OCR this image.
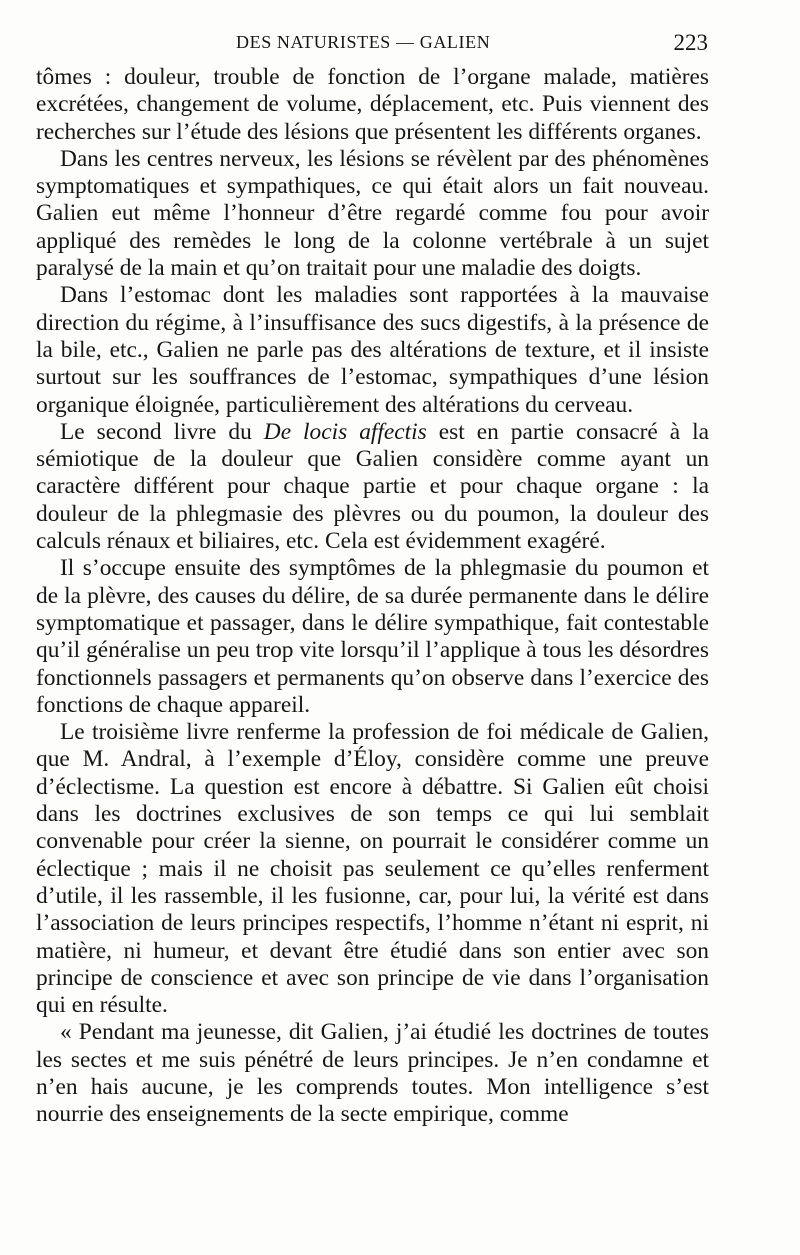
DES NATURISTES — GALIEN	223

tômes : douleur, trouble de fonction de l’organe malade, matières excrétées, changement de volume, déplacement, etc. Puis viennent des recherches sur l’étude des lésions que présentent les différents organes.

Dans les centres nerveux, les lésions se révèlent par des phénomènes symptomatiques et sympathiques, ce qui était alors un fait nouveau. Galien eut même l’honneur d’être regardé comme fou pour avoir appliqué des remèdes le long de la colonne vertébrale à un sujet paralysé de la main et qu’on traitait pour une maladie des doigts.

Dans l’estomac dont les maladies sont rapportées à la mauvaise direction du régime, à l’insuffisance des sucs digestifs, à la présence de la bile, etc., Galien ne parle pas des altérations de texture, et il insiste surtout sur les souffrances de l’estomac, sympathiques d’une lésion organique éloignée, particulièrement des altérations du cerveau.

Le second livre du De locis affectis est en partie consacré à la sémiotique de la douleur que Galien considère comme ayant un caractère différent pour chaque partie et pour chaque organe : la douleur de la phlegmasie des plèvres ou du poumon, la douleur des calculs rénaux et biliaires, etc. Cela est évidemment exagéré.

Il s’occupe ensuite des symptômes de la phlegmasie du poumon et de la plèvre, des causes du délire, de sa durée permanente dans le délire symptomatique et passager, dans le délire sympathique, fait contestable qu’il généralise un peu trop vite lorsqu’il l’applique à tous les désordres fonctionnels passagers et permanents qu’on observe dans l’exercice des fonctions de chaque appareil.

Le troisième livre renferme la profession de foi médicale de Galien, que M. Andral, à l’exemple d’Éloy, considère comme une preuve d’éclectisme. La question est encore à débattre. Si Galien eût choisi dans les doctrines exclusives de son temps ce qui lui semblait convenable pour créer la sienne, on pourrait le considérer comme un éclectique ; mais il ne choisit pas seulement ce qu’elles renferment d’utile, il les rassemble, il les fusionne, car, pour lui, la vérité est dans l’association de leurs principes respectifs, l’homme n’étant ni esprit, ni matière, ni humeur, et devant être étudié dans son entier avec son principe de conscience et avec son principe de vie dans l’organisation qui en résulte.

« Pendant ma jeunesse, dit Galien, j’ai étudié les doctrines de toutes les sectes et me suis pénétré de leurs principes. Je n’en condamne et n’en hais aucune, je les comprends toutes. Mon intelligence s’est nourrie des enseignements de la secte empirique, comme
